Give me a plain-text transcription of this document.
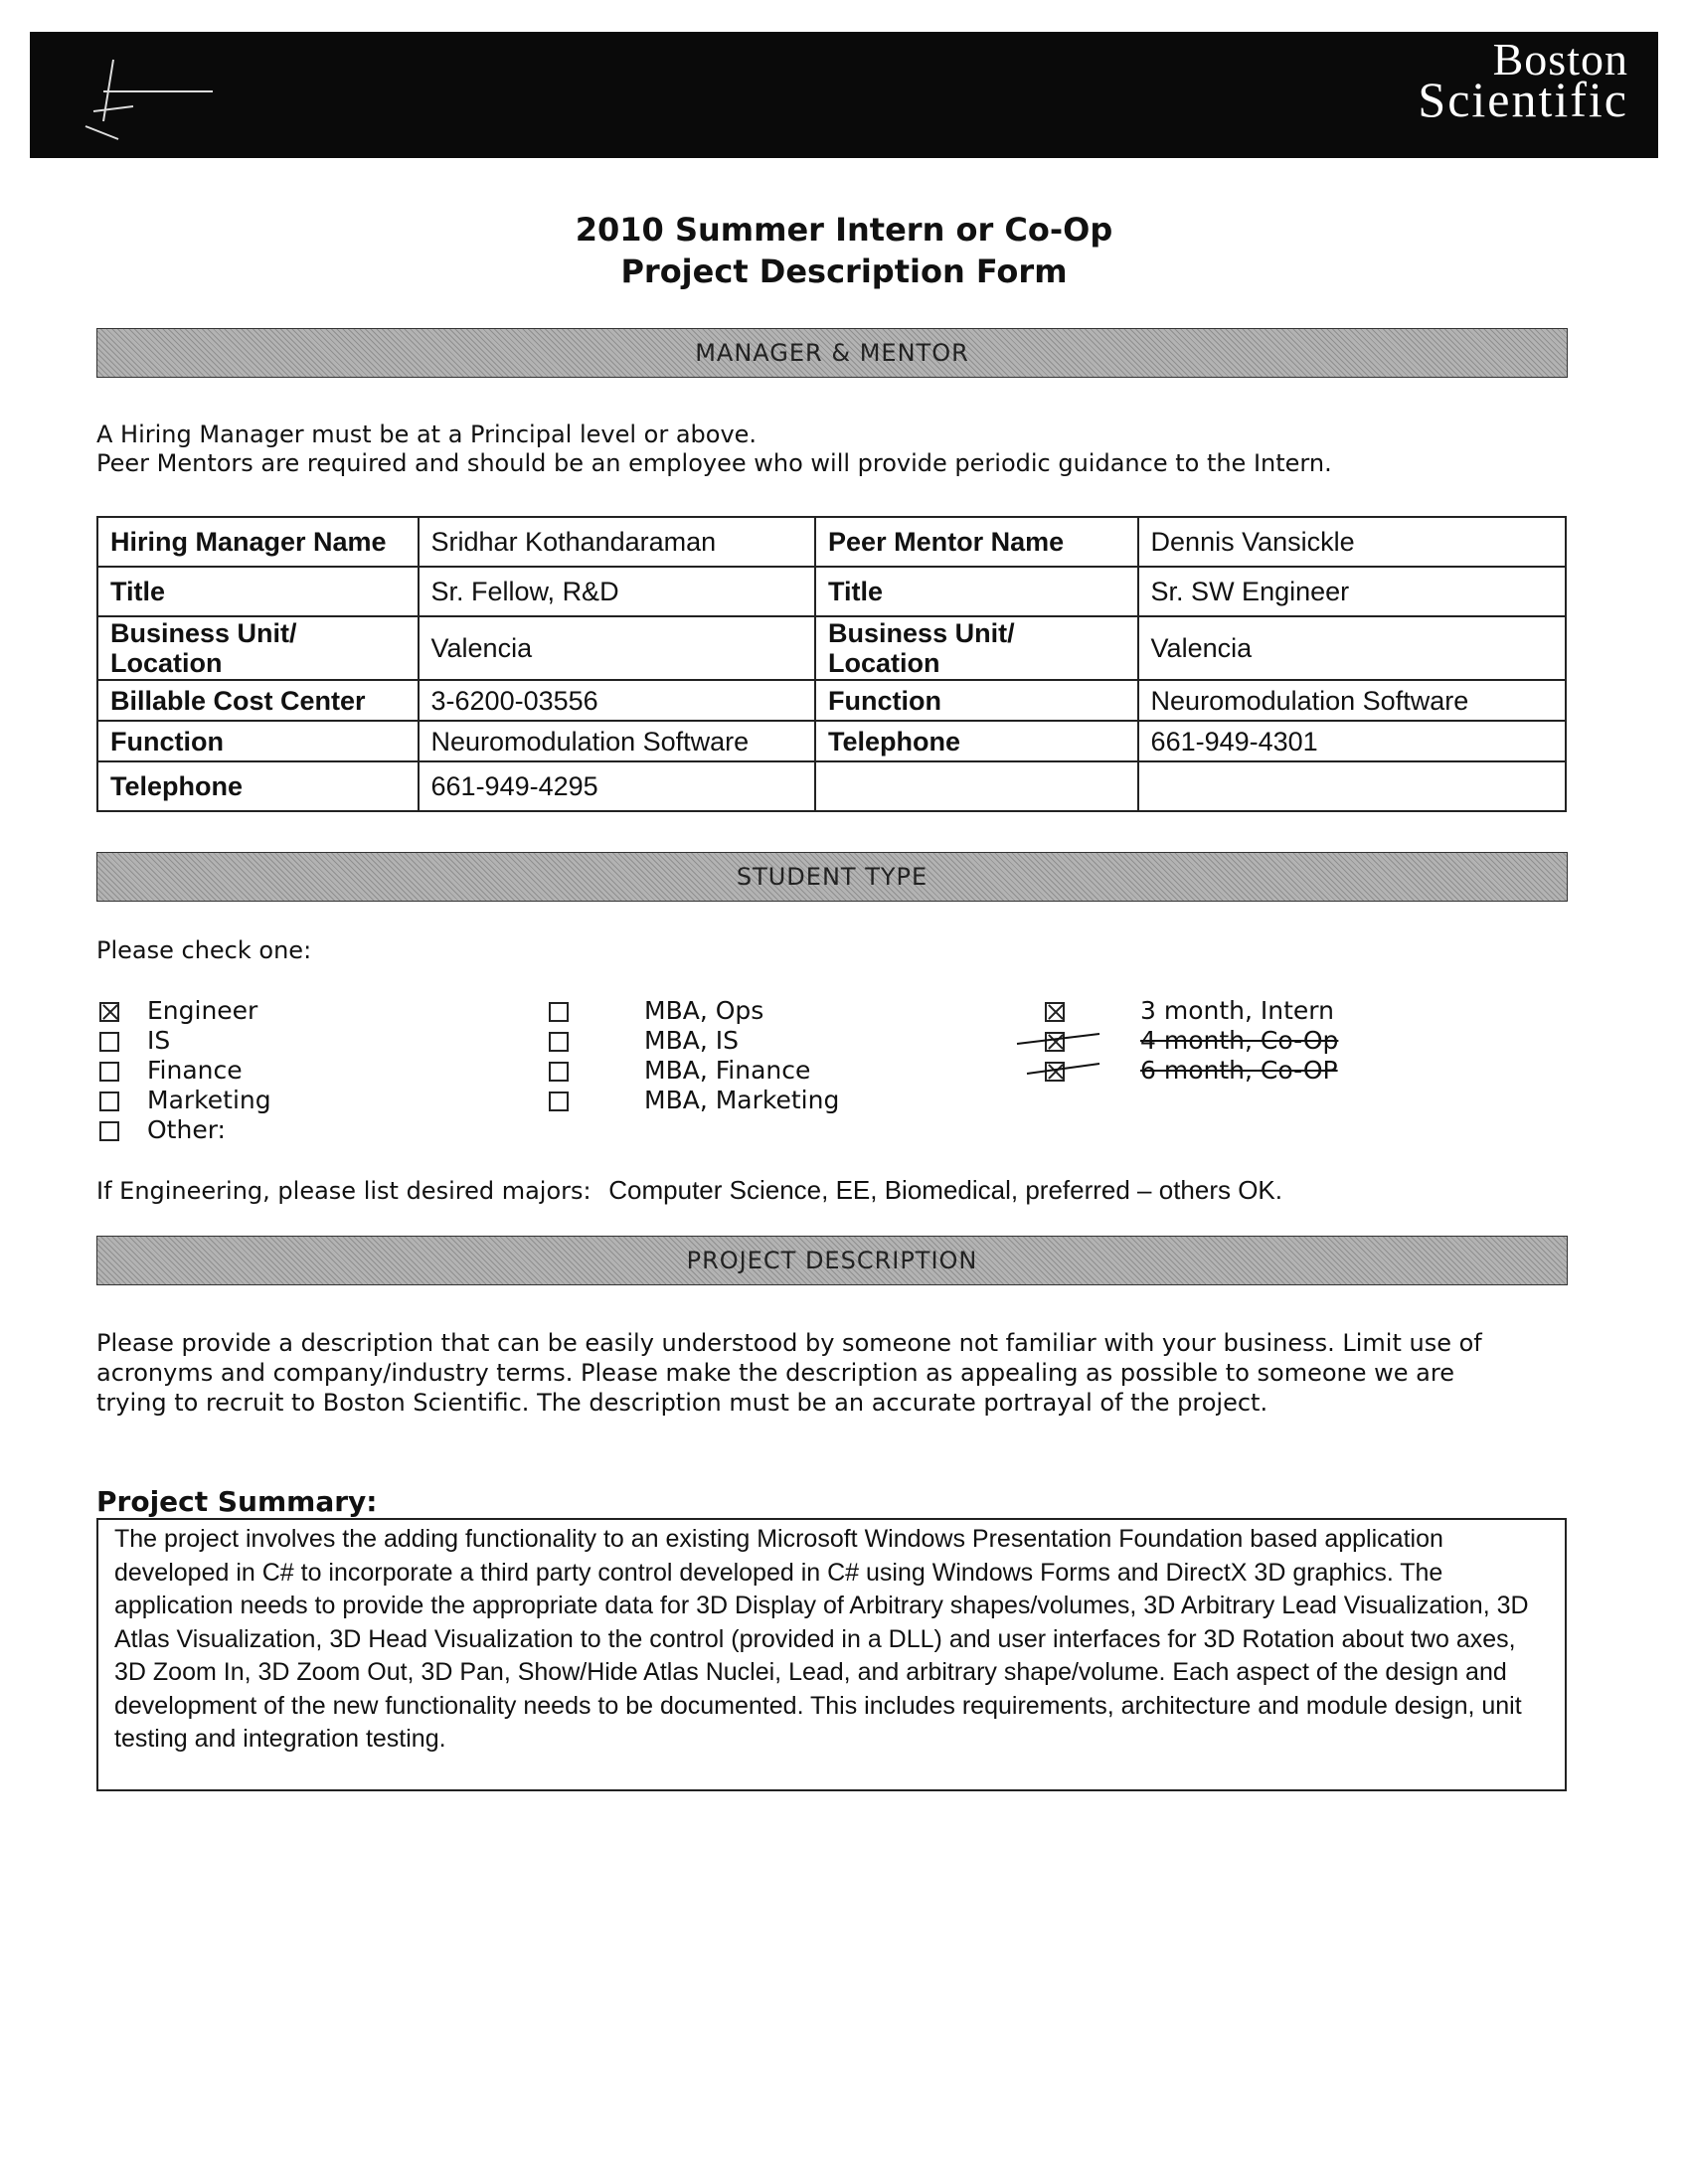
Boston
Scientific
2010 Summer Intern or Co-Op
Project Description Form
MANAGER & MENTOR
A Hiring Manager must be at a Principal level or above.
Peer Mentors are required and should be an employee who will provide periodic guidance to the Intern.
Hiring Manager Name	Sridhar Kothandaraman	Peer Mentor Name	Dennis Vansickle
Title	Sr. Fellow, R&D	Title	Sr. SW Engineer
Business Unit/ Location	Valencia	Business Unit/ Location	Valencia
Billable Cost Center	3-6200-03556	Function	Neuromodulation Software
Function	Neuromodulation Software	Telephone	661-949-4301
Telephone	661-949-4295		
STUDENT TYPE
Please check one:
Engineer
IS
Finance
Marketing
Other:
MBA, Ops
MBA, IS
MBA, Finance
MBA, Marketing
3 month, Intern
4 month, Co-Op
6 month, Co-OP
If Engineering, please list desired majors: Computer Science, EE, Biomedical, preferred – others OK.
PROJECT DESCRIPTION
Please provide a description that can be easily understood by someone not familiar with your business. Limit use of acronyms and company/industry terms. Please make the description as appealing as possible to someone we are trying to recruit to Boston Scientific. The description must be an accurate portrayal of the project.
Project Summary:
The project involves the adding functionality to an existing Microsoft Windows Presentation Foundation based application developed in C# to incorporate a third party control developed in C# using Windows Forms and DirectX 3D graphics. The application needs to provide the appropriate data for 3D Display of Arbitrary shapes/volumes, 3D Arbitrary Lead Visualization, 3D Atlas Visualization, 3D Head Visualization to the control (provided in a DLL) and user interfaces for 3D Rotation about two axes, 3D Zoom In, 3D Zoom Out, 3D Pan, Show/Hide Atlas Nuclei, Lead, and arbitrary shape/volume. Each aspect of the design and development of the new functionality needs to be documented. This includes requirements, architecture and module design, unit testing and integration testing.
